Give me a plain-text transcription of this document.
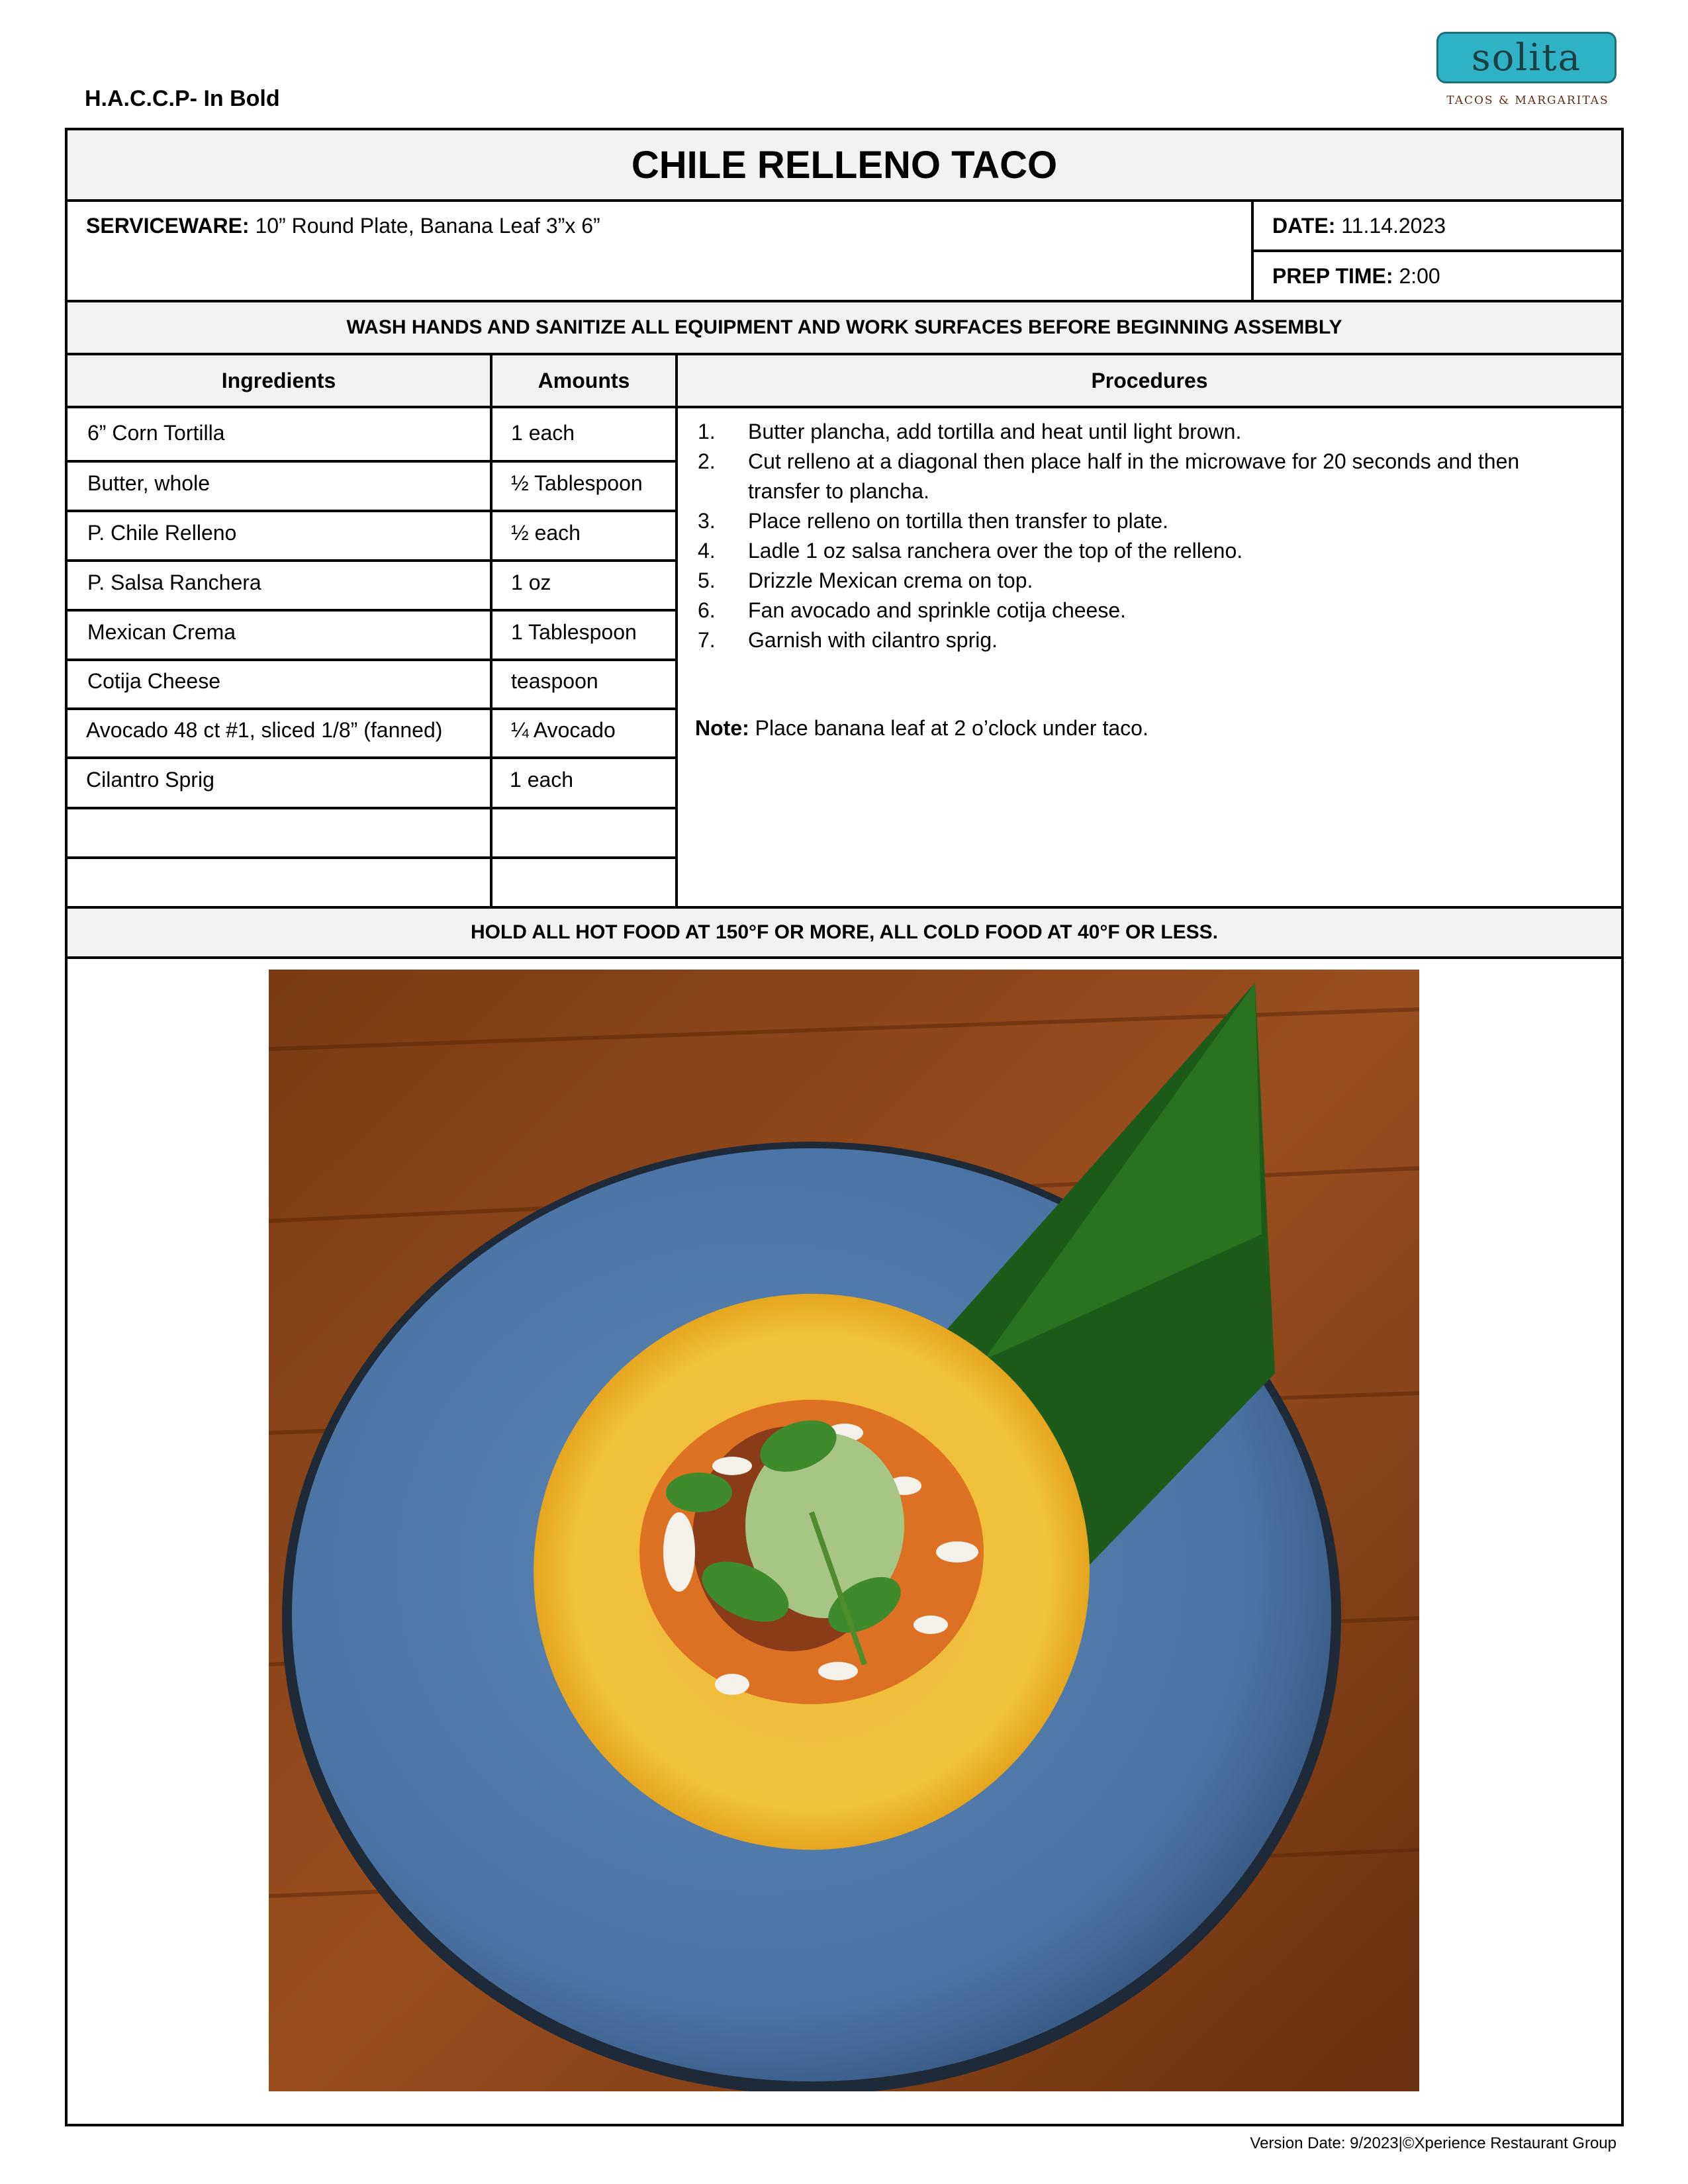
H.A.C.C.P- In Bold
solita
TACOS & MARGARITAS
CHILE RELLENO TACO
SERVICEWARE:
10” Round Plate, Banana Leaf 3”x 6”	DATE:
11.14.2023
PREP TIME:
2:00
WASH HANDS AND SANITIZE ALL EQUIPMENT AND WORK SURFACES BEFORE BEGINNING ASSEMBLY
Ingredients	Amounts	Procedures
6” Corn Tortilla	1 each
Butter, whole	½ Tablespoon
P. Chile Relleno	½ each
P. Salsa Ranchera	1 oz
Mexican Crema	1 Tablespoon
Cotija Cheese	teaspoon
Avocado 48 ct #1, sliced 1/8” (fanned)	¼ Avocado
Cilantro Sprig	1 each
1. Butter plancha, add tortilla and heat until light brown.
2. Cut relleno at a diagonal then place half in the microwave for 20 seconds and then transfer to plancha.
3. Place relleno on tortilla then transfer to plate.
4. Ladle 1 oz salsa ranchera over the top of the relleno.
5. Drizzle Mexican crema on top.
6. Fan avocado and sprinkle cotija cheese.
7. Garnish with cilantro sprig.
Note: Place banana leaf at 2 o’clock under taco.
HOLD ALL HOT FOOD AT 150°F OR MORE, ALL COLD FOOD AT 40°F OR LESS.
Version Date: 9/2023|©Xperience Restaurant Group
